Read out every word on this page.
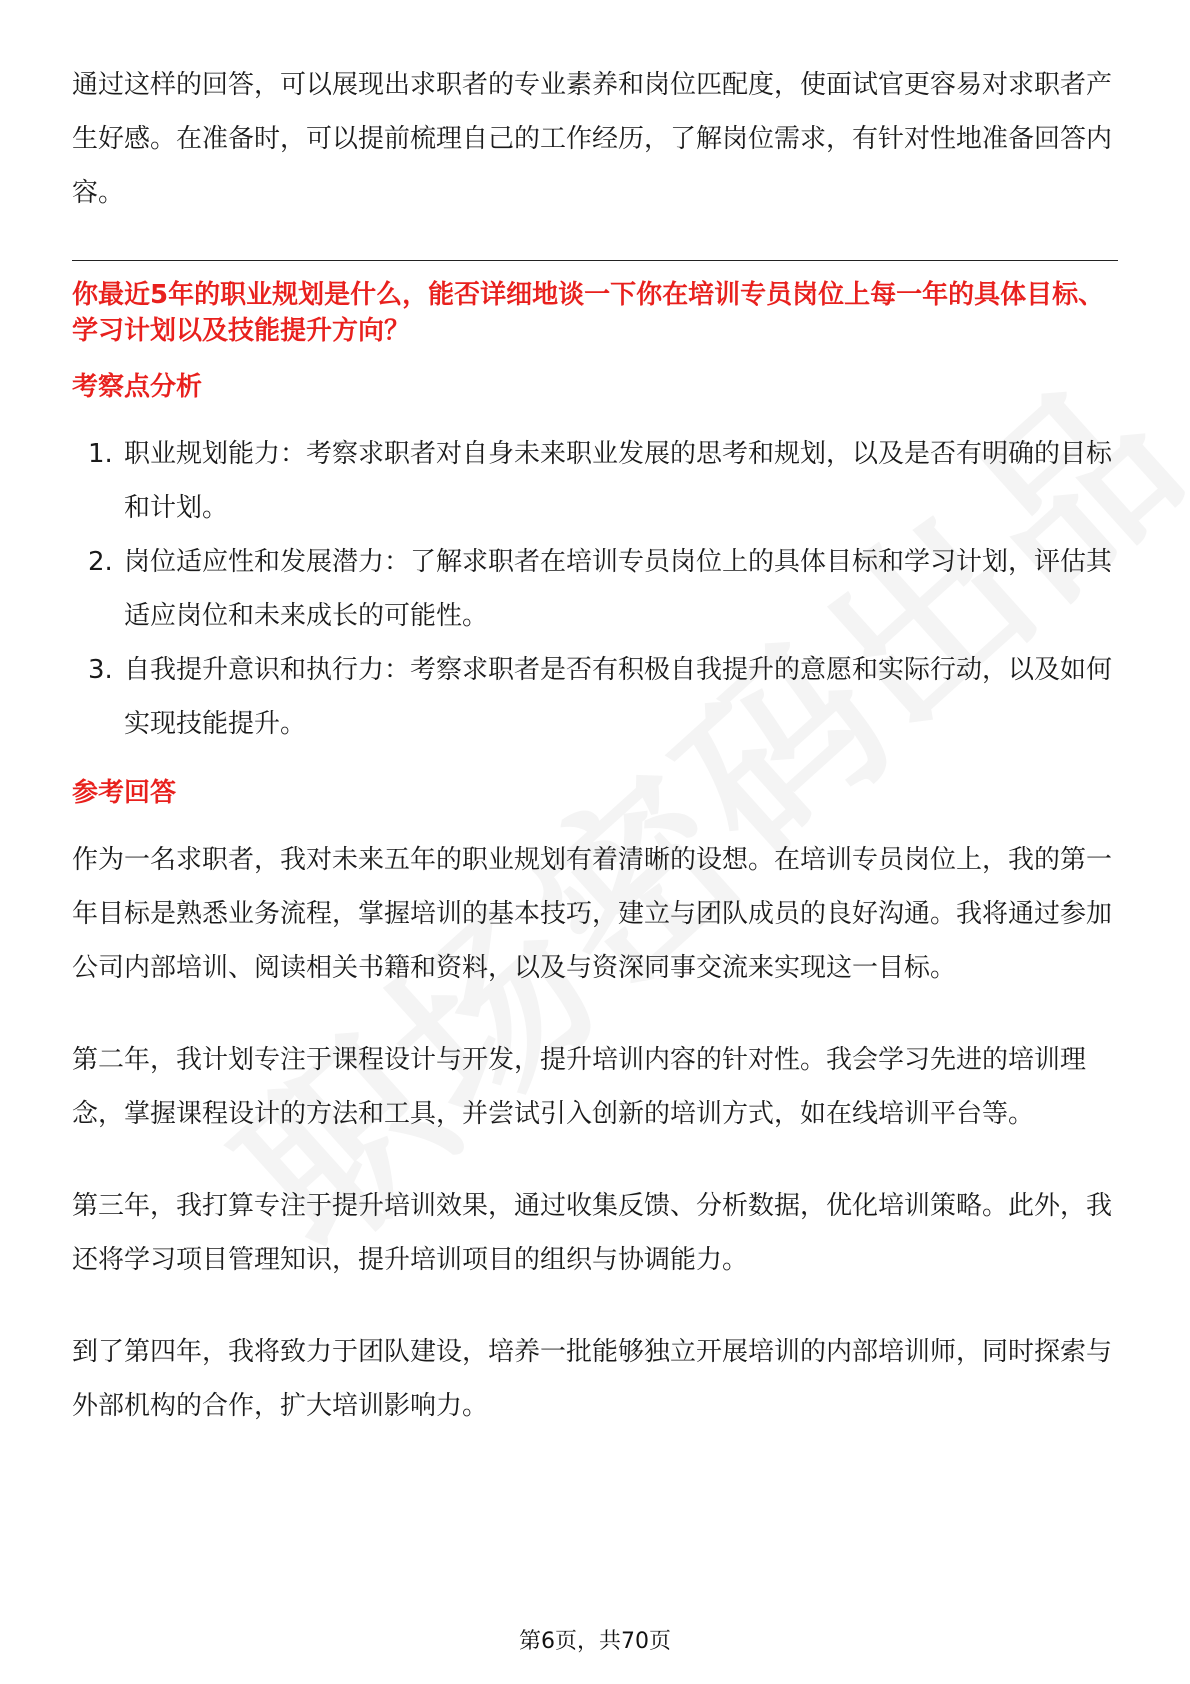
通过这样的回答，可以展现出求职者的专业素养和岗位匹配度，使面试官更容易对求职者产生好感。在准备时，可以提前梳理自己的工作经历，了解岗位需求，有针对性地准备回答内容。

你最近5年的职业规划是什么，能否详细地谈一下你在培训专员岗位上每一年的具体目标、学习计划以及技能提升方向？
考察点分析
1. 职业规划能力：考察求职者对自身未来职业发展的思考和规划，以及是否有明确的目标和计划。
2. 岗位适应性和发展潜力：了解求职者在培训专员岗位上的具体目标和学习计划，评估其适应岗位和未来成长的可能性。
3. 自我提升意识和执行力：考察求职者是否有积极自我提升的意愿和实际行动，以及如何实现技能提升。
参考回答

作为一名求职者，我对未来五年的职业规划有着清晰的设想。在培训专员岗位上，我的第一年目标是熟悉业务流程，掌握培训的基本技巧，建立与团队成员的良好沟通。我将通过参加公司内部培训、阅读相关书籍和资料，以及与资深同事交流来实现这一目标。

第二年，我计划专注于课程设计与开发，提升培训内容的针对性。我会学习先进的培训理念，掌握课程设计的方法和工具，并尝试引入创新的培训方式，如在线培训平台等。

第三年，我打算专注于提升培训效果，通过收集反馈、分析数据，优化培训策略。此外，我还将学习项目管理知识，提升培训项目的组织与协调能力。

到了第四年，我将致力于团队建设，培养一批能够独立开展培训的内部培训师，同时探索与外部机构的合作，扩大培训影响力。

第6页，共70页
